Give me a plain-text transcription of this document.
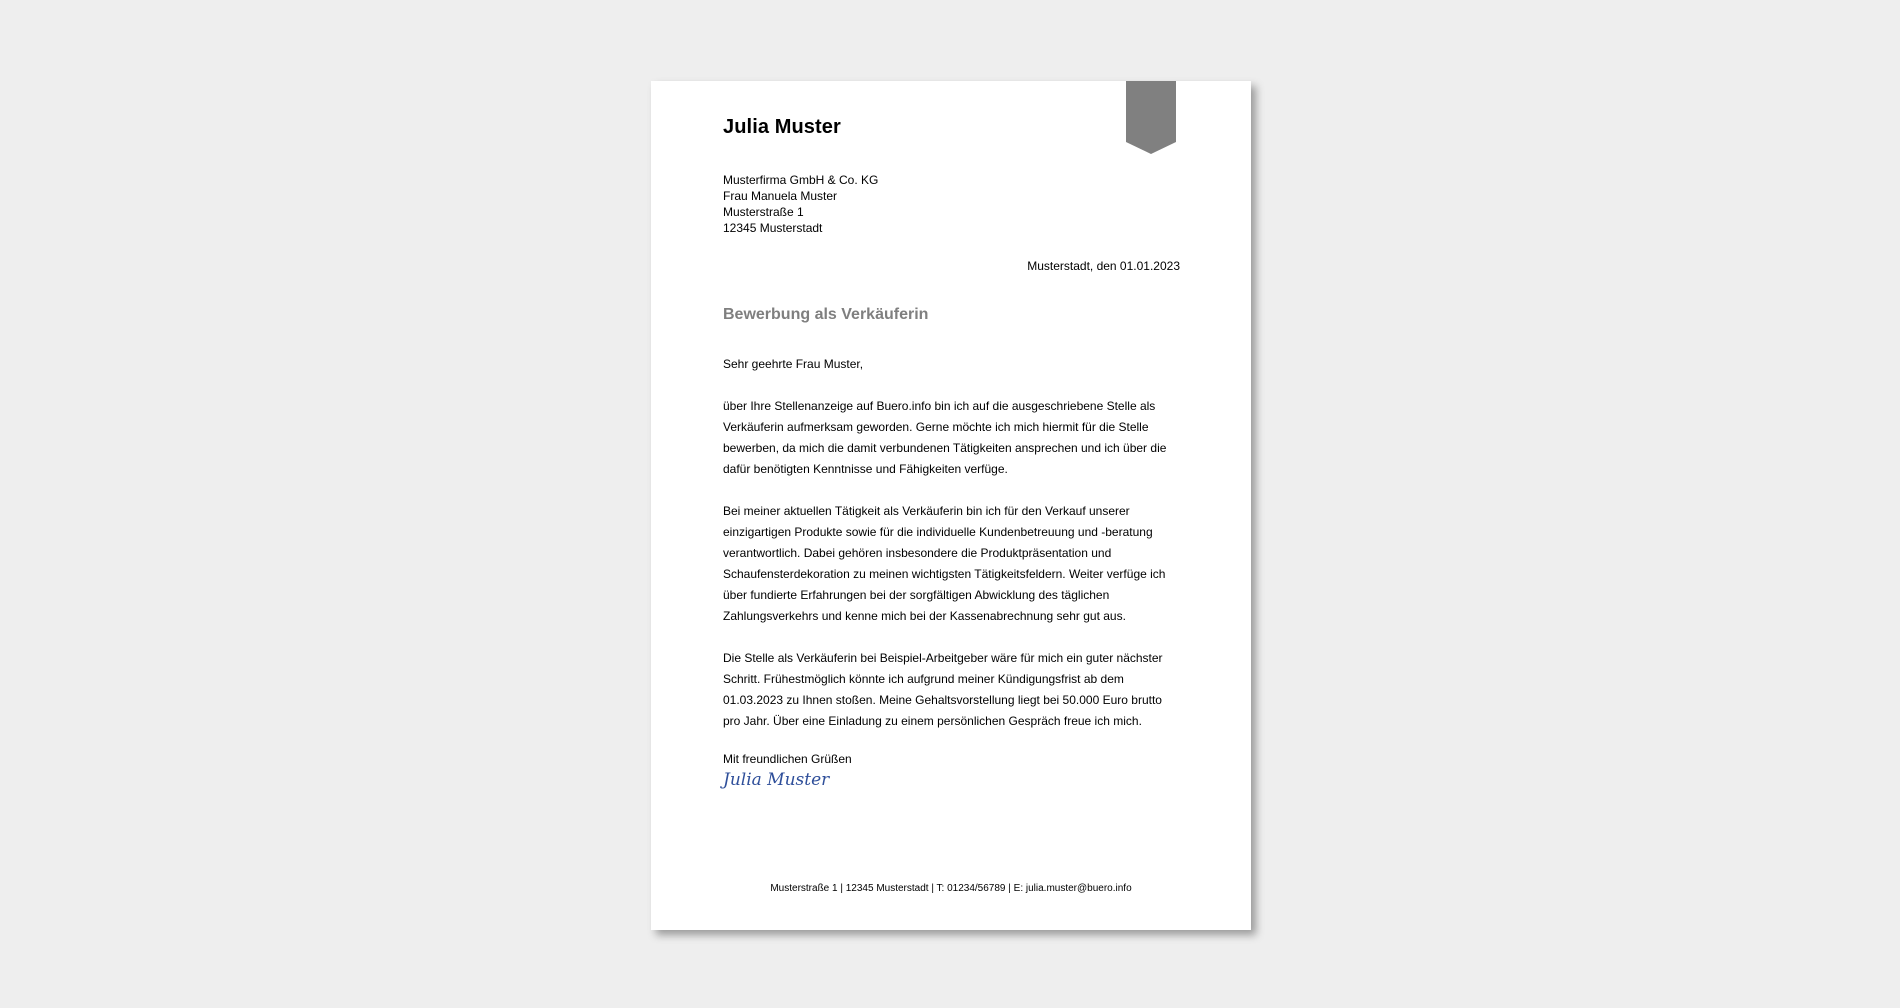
Julia Muster
Musterfirma GmbH & Co. KG
Frau Manuela Muster
Musterstraße 1
12345 Musterstadt
Musterstadt, den 01.01.2023
Bewerbung als Verkäuferin

Sehr geehrte Frau Muster,

über Ihre Stellenanzeige auf Buero.info bin ich auf die ausgeschriebene Stelle als Verkäuferin aufmerksam geworden. Gerne möchte ich mich hiermit für die Stelle bewerben, da mich die damit verbundenen Tätigkeiten ansprechen und ich über die dafür benötigten Kenntnisse und Fähigkeiten verfüge.

Bei meiner aktuellen Tätigkeit als Verkäuferin bin ich für den Verkauf unserer einzigartigen Produkte sowie für die individuelle Kundenbetreuung und -beratung verantwortlich. Dabei gehören insbesondere die Produktpräsentation und Schaufensterdekoration zu meinen wichtigsten Tätigkeitsfeldern. Weiter verfüge ich über fundierte Erfahrungen bei der sorgfältigen Abwicklung des täglichen Zahlungsverkehrs und kenne mich bei der Kassenabrechnung sehr gut aus.

Die Stelle als Verkäuferin bei Beispiel-Arbeitgeber wäre für mich ein guter nächster Schritt. Frühestmöglich könnte ich aufgrund meiner Kündigungsfrist ab dem 01.03.2023 zu Ihnen stoßen. Meine Gehaltsvorstellung liegt bei 50.000 Euro brutto pro Jahr. Über eine Einladung zu einem persönlichen Gespräch freue ich mich.

Mit freundlichen Grüßen
Julia Muster
Musterstraße 1 | 12345 Musterstadt | T: 01234/56789 | E: julia.muster@buero.info
